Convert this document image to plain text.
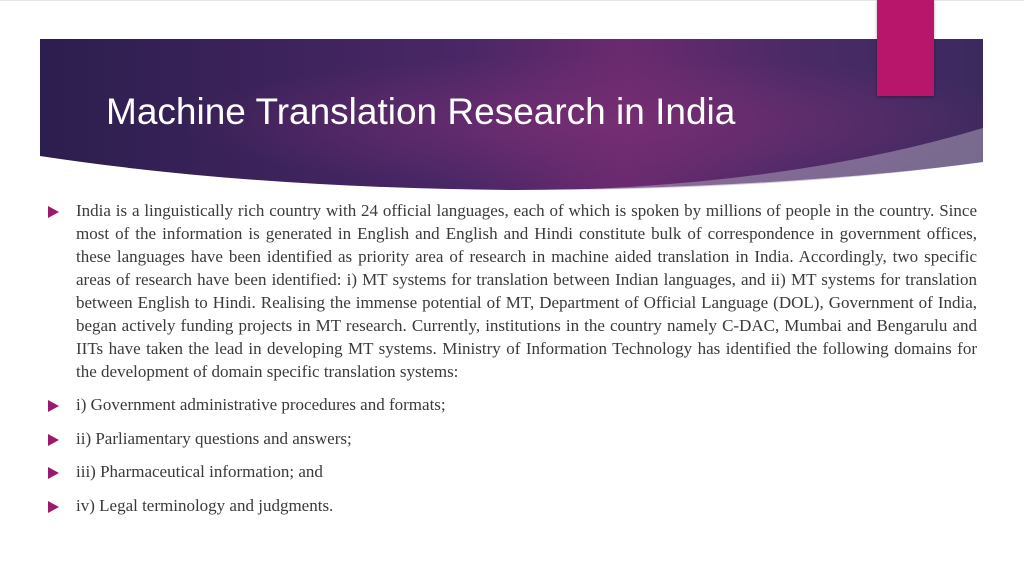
Machine Translation Research in India
India is a linguistically rich country with 24 official languages, each of which is spoken by millions of people in the country. Since most of the information is generated in English and English and Hindi constitute bulk of correspondence in government offices, these languages have been identified as priority area of research in machine aided translation in India. Accordingly, two specific areas of research have been identified: i) MT systems for translation between Indian languages, and ii) MT systems for translation between English to Hindi. Realising the immense potential of MT, Department of Official Language (DOL), Government of India, began actively funding projects in MT research. Currently, institutions in the country namely C-DAC, Mumbai and Bengarulu and IITs have taken the lead in developing MT systems. Ministry of Information Technology has identified the following domains for the development of domain specific translation systems:
i) Government administrative procedures and formats;
ii) Parliamentary questions and answers;
iii) Pharmaceutical information; and
iv) Legal terminology and judgments.
